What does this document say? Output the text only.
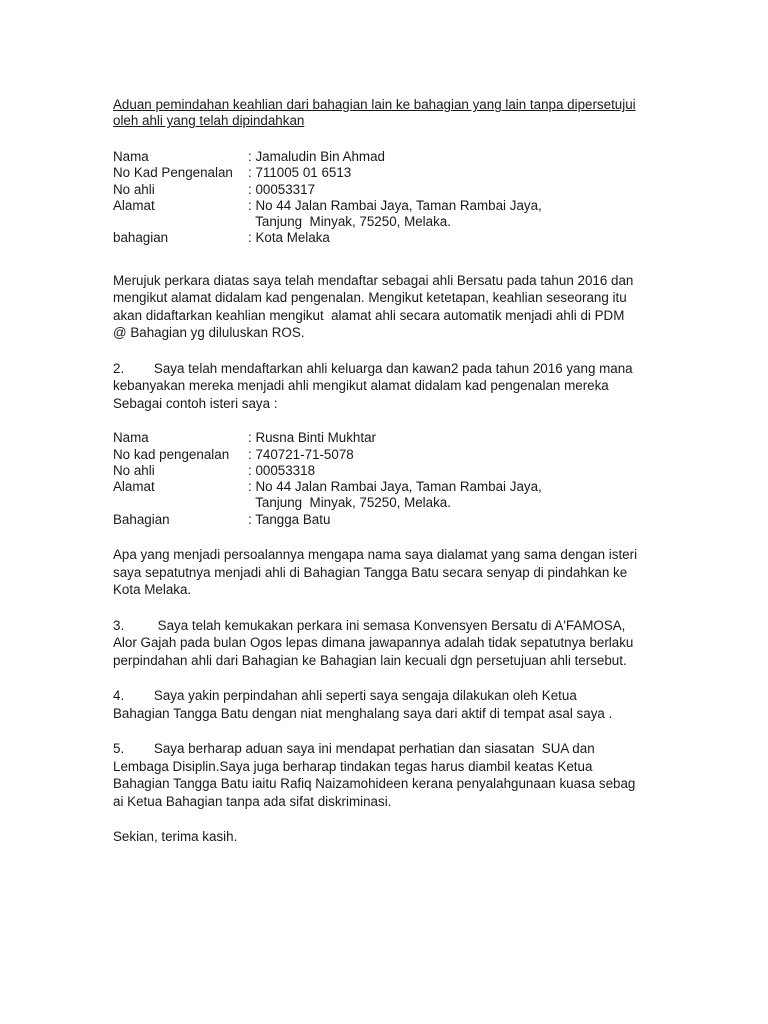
Aduan pemindahan keahlian dari bahagian lain ke bahagian yang lain tanpa dipersetujui
oleh ahli yang telah dipindahkan

Nama	: Jamaludin Bin Ahmad
No Kad Pengenalan	: 711005 01 6513
No ahli	: 00053317
Alamat	: No 44 Jalan Rambai Jaya, Taman Rambai Jaya,
Tanjung  Minyak, 75250, Melaka.
bahagian	: Kota Melaka

Merujuk perkara diatas saya telah mendaftar sebagai ahli Bersatu pada tahun 2016 dan
mengikut alamat didalam kad pengenalan. Mengikut ketetapan, keahlian seseorang itu
akan didaftarkan keahlian mengikut  alamat ahli secara automatik menjadi ahli di PDM
@ Bahagian yg diluluskan ROS.

2.        Saya telah mendaftarkan ahli keluarga dan kawan2 pada tahun 2016 yang mana
kebanyakan mereka menjadi ahli mengikut alamat didalam kad pengenalan mereka
Sebagai contoh isteri saya :

Nama	: Rusna Binti Mukhtar
No kad pengenalan	: 740721-71-5078
No ahli	: 00053318
Alamat	: No 44 Jalan Rambai Jaya, Taman Rambai Jaya,
Tanjung  Minyak, 75250, Melaka.
Bahagian	: Tangga Batu

Apa yang menjadi persoalannya mengapa nama saya dialamat yang sama dengan isteri
saya sepatutnya menjadi ahli di Bahagian Tangga Batu secara senyap di pindahkan ke
Kota Melaka.

3.         Saya telah kemukakan perkara ini semasa Konvensyen Bersatu di A'FAMOSA,
Alor Gajah pada bulan Ogos lepas dimana jawapannya adalah tidak sepatutnya berlaku
perpindahan ahli dari Bahagian ke Bahagian lain kecuali dgn persetujuan ahli tersebut.

4.        Saya yakin perpindahan ahli seperti saya sengaja dilakukan oleh Ketua
Bahagian Tangga Batu dengan niat menghalang saya dari aktif di tempat asal saya .

5.        Saya berharap aduan saya ini mendapat perhatian dan siasatan  SUA dan
Lembaga Disiplin.Saya juga berharap tindakan tegas harus diambil keatas Ketua
Bahagian Tangga Batu iaitu Rafiq Naizamohideen kerana penyalahgunaan kuasa sebag
ai Ketua Bahagian tanpa ada sifat diskriminasi.

Sekian, terima kasih.
